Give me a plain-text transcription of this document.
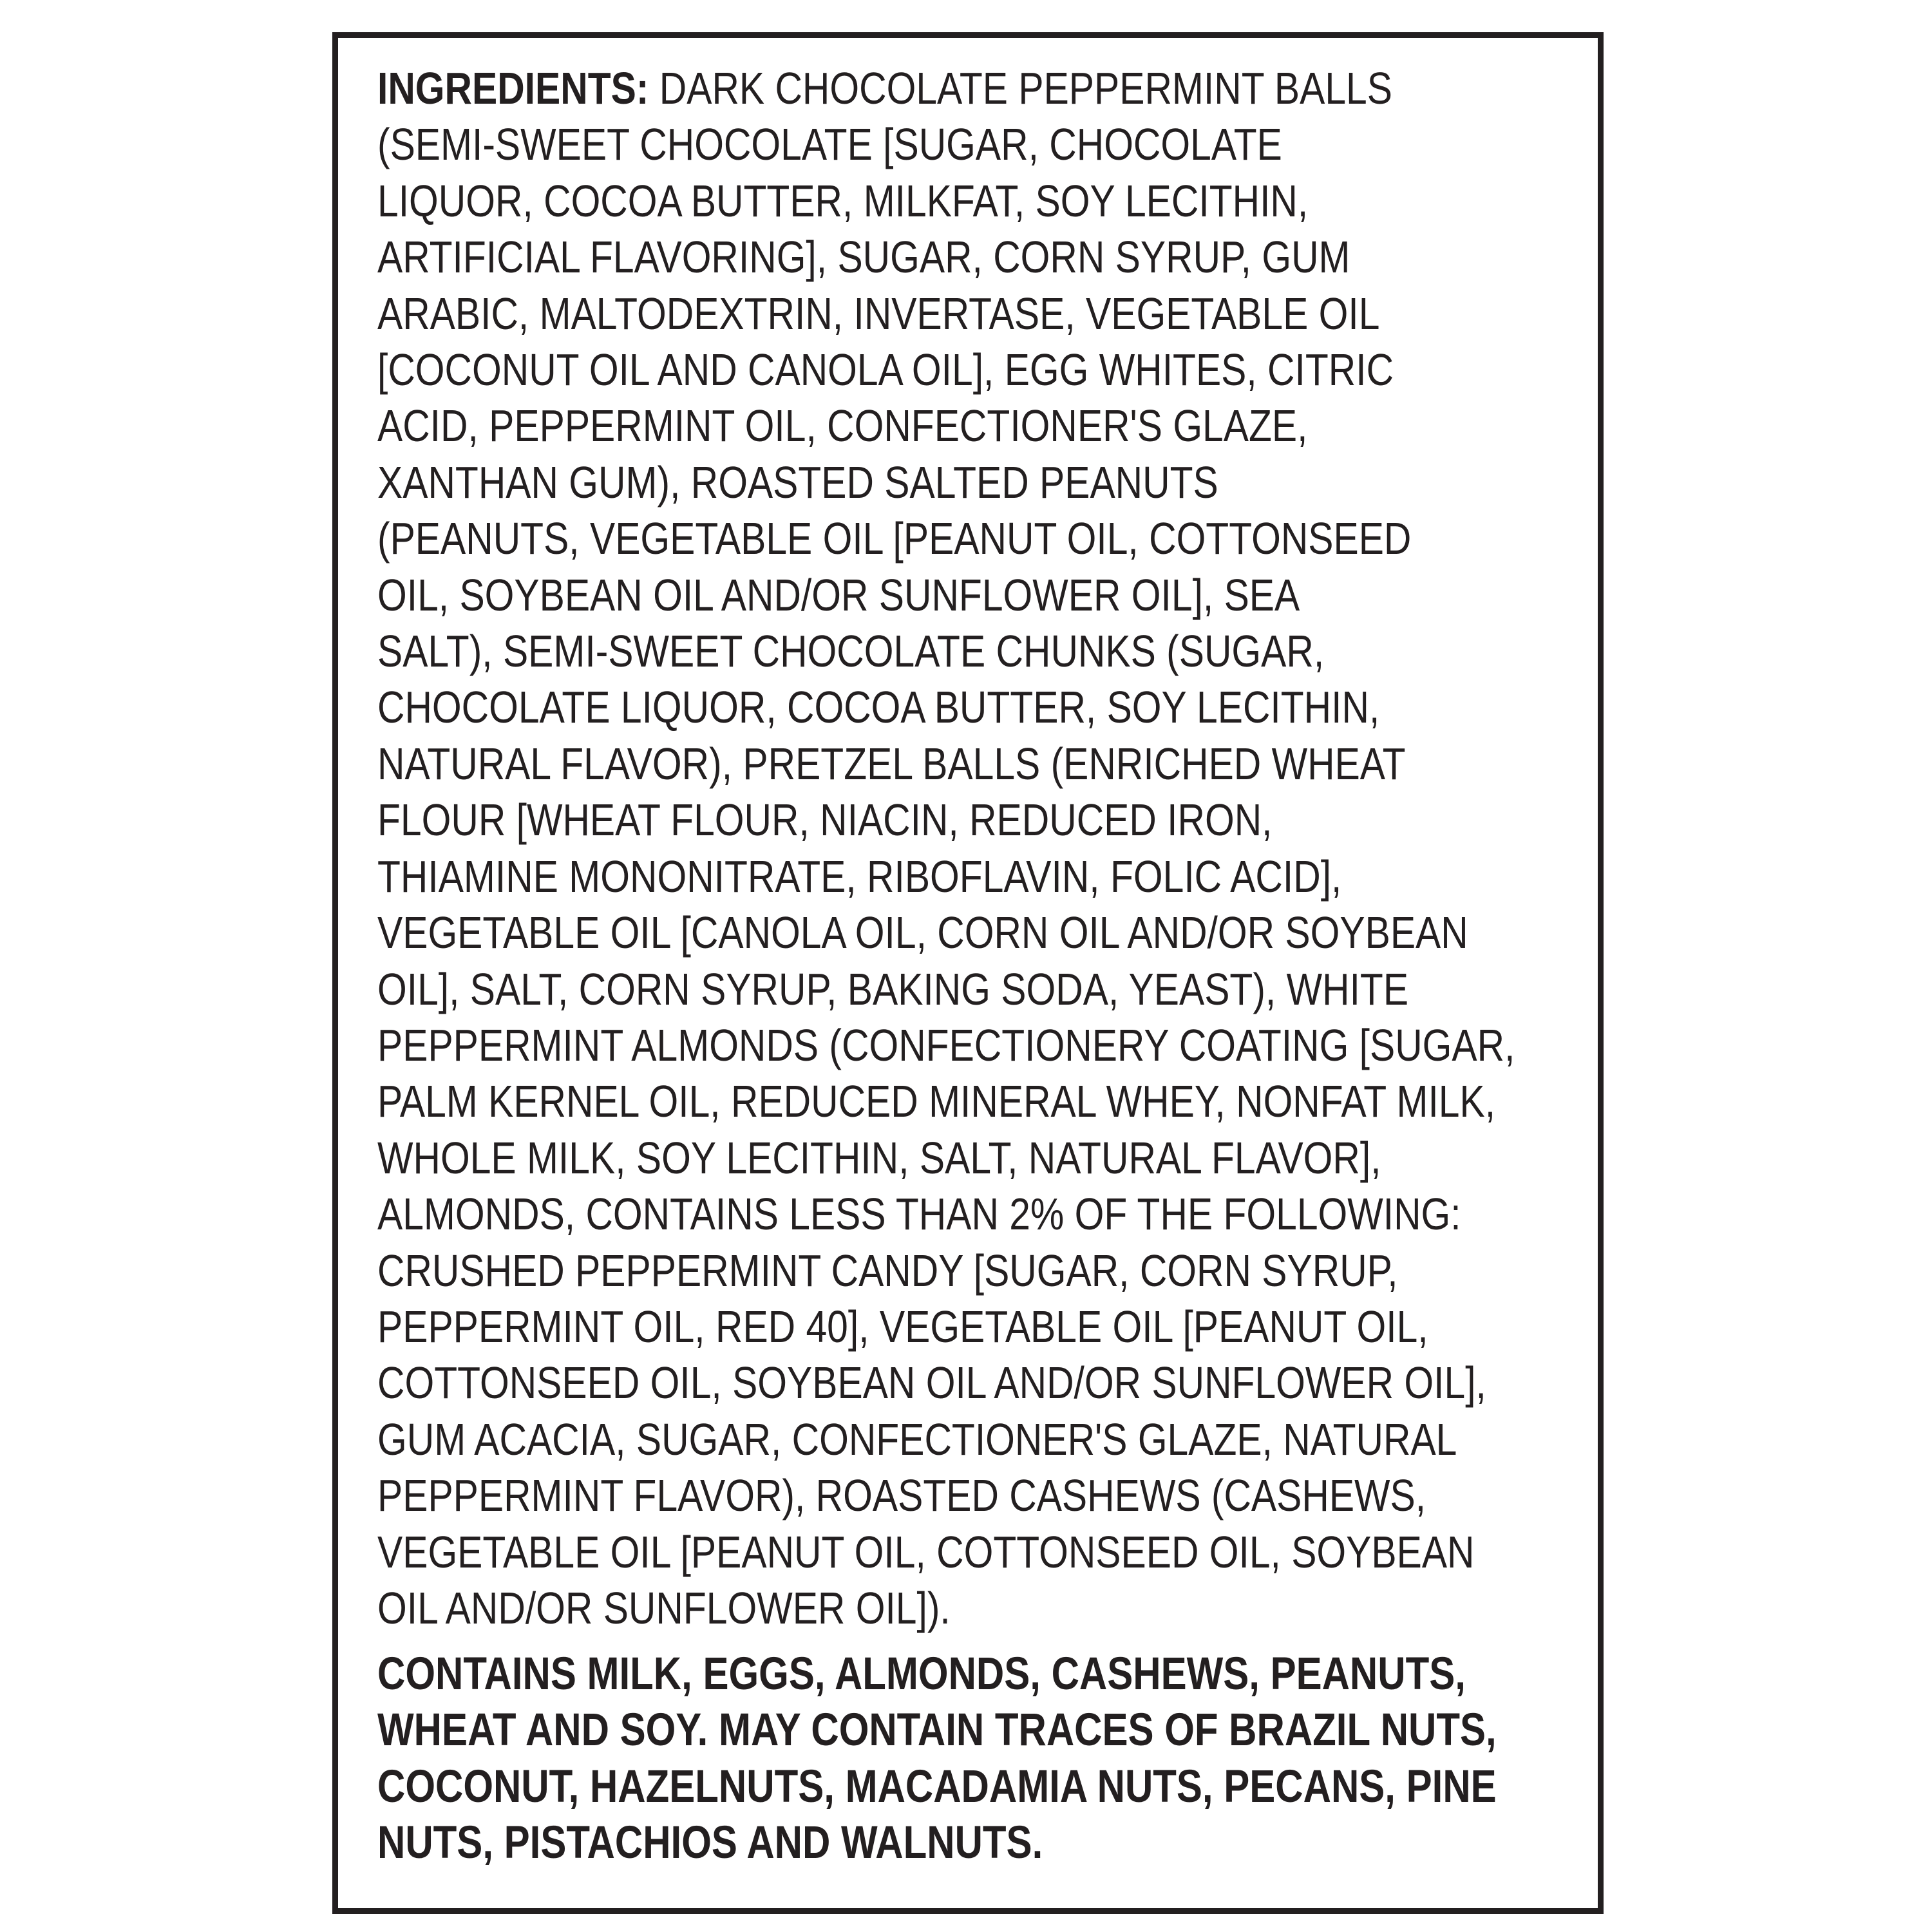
INGREDIENTS: DARK CHOCOLATE PEPPERMINT BALLS
(SEMI-SWEET CHOCOLATE [SUGAR, CHOCOLATE
LIQUOR, COCOA BUTTER, MILKFAT, SOY LECITHIN,
ARTIFICIAL FLAVORING], SUGAR, CORN SYRUP, GUM
ARABIC, MALTODEXTRIN, INVERTASE, VEGETABLE OIL
[COCONUT OIL AND CANOLA OIL], EGG WHITES, CITRIC
ACID, PEPPERMINT OIL, CONFECTIONER'S GLAZE,
XANTHAN GUM), ROASTED SALTED PEANUTS
(PEANUTS, VEGETABLE OIL [PEANUT OIL, COTTONSEED
OIL, SOYBEAN OIL AND/OR SUNFLOWER OIL], SEA
SALT), SEMI-SWEET CHOCOLATE CHUNKS (SUGAR,
CHOCOLATE LIQUOR, COCOA BUTTER, SOY LECITHIN,
NATURAL FLAVOR), PRETZEL BALLS (ENRICHED WHEAT
FLOUR [WHEAT FLOUR, NIACIN, REDUCED IRON,
THIAMINE MONONITRATE, RIBOFLAVIN, FOLIC ACID],
VEGETABLE OIL [CANOLA OIL, CORN OIL AND/OR SOYBEAN
OIL], SALT, CORN SYRUP, BAKING SODA, YEAST), WHITE
PEPPERMINT ALMONDS (CONFECTIONERY COATING [SUGAR,
PALM KERNEL OIL, REDUCED MINERAL WHEY, NONFAT MILK,
WHOLE MILK, SOY LECITHIN, SALT, NATURAL FLAVOR],
ALMONDS, CONTAINS LESS THAN 2% OF THE FOLLOWING:
CRUSHED PEPPERMINT CANDY [SUGAR, CORN SYRUP,
PEPPERMINT OIL, RED 40], VEGETABLE OIL [PEANUT OIL,
COTTONSEED OIL, SOYBEAN OIL AND/OR SUNFLOWER OIL],
GUM ACACIA, SUGAR, CONFECTIONER'S GLAZE, NATURAL
PEPPERMINT FLAVOR), ROASTED CASHEWS (CASHEWS,
VEGETABLE OIL [PEANUT OIL, COTTONSEED OIL, SOYBEAN
OIL AND/OR SUNFLOWER OIL]).
CONTAINS MILK, EGGS, ALMONDS, CASHEWS, PEANUTS,
WHEAT AND SOY. MAY CONTAIN TRACES OF BRAZIL NUTS,
COCONUT, HAZELNUTS, MACADAMIA NUTS, PECANS, PINE
NUTS, PISTACHIOS AND WALNUTS.
